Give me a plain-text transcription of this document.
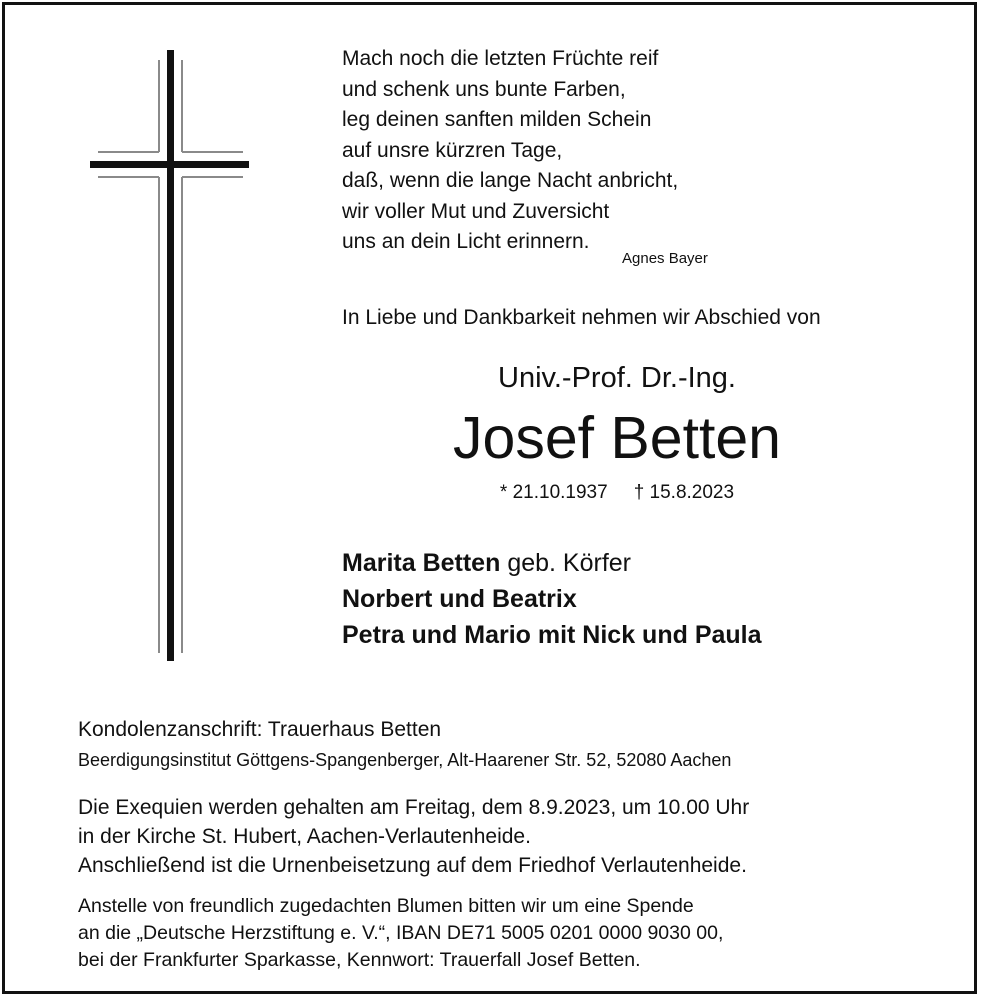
Mach noch die letzten Früchte reif
und schenk uns bunte Farben,
leg deinen sanften milden Schein
auf unsre kürzren Tage,
daß, wenn die lange Nacht anbricht,
wir voller Mut und Zuversicht
uns an dein Licht erinnern.
Agnes Bayer
In Liebe und Dankbarkeit nehmen wir Abschied von
Univ.-Prof. Dr.-Ing.
Josef Betten
* 21.10.1937 † 15.8.2023
Marita Betten geb. Körfer
Norbert und Beatrix
Petra und Mario mit Nick und Paula
Kondolenzanschrift: Trauerhaus Betten
Beerdigungsinstitut Göttgens-Spangenberger, Alt-Haarener Str. 52, 52080 Aachen
Die Exequien werden gehalten am Freitag, dem 8.9.2023, um 10.00 Uhr
in der Kirche St. Hubert, Aachen-Verlautenheide.
Anschließend ist die Urnenbeisetzung auf dem Friedhof Verlautenheide.
Anstelle von freundlich zugedachten Blumen bitten wir um eine Spende
an die „Deutsche Herzstiftung e. V.“, IBAN DE71 5005 0201 0000 9030 00,
bei der Frankfurter Sparkasse, Kennwort: Trauerfall Josef Betten.
